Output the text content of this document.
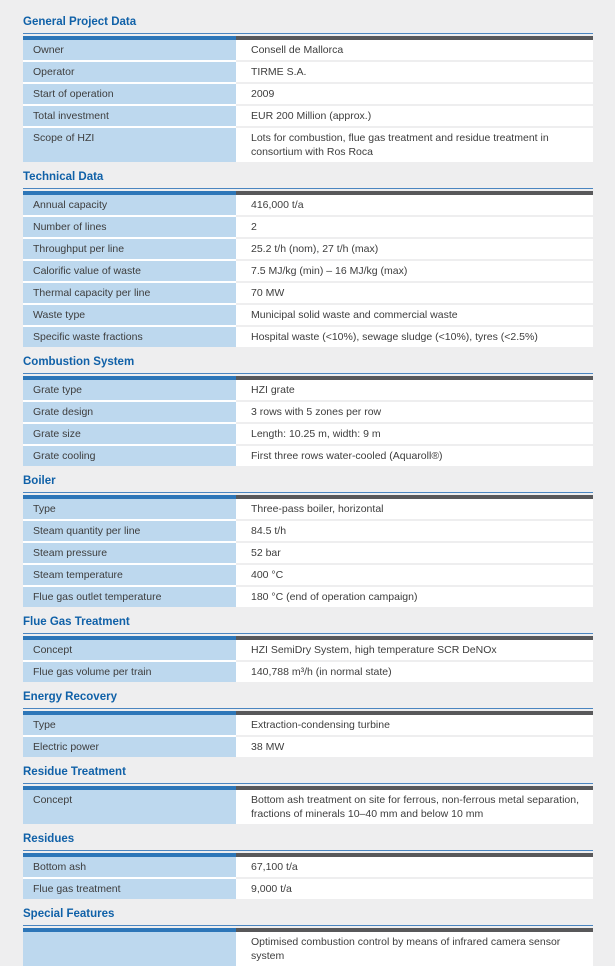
General Project Data
Owner	Consell de Mallorca
Operator	TIRME S.A.
Start of operation	2009
Total investment	EUR 200 Million (approx.)
Scope of HZI	Lots for combustion, flue gas treatment and residue treatment in consortium with Ros Roca
Technical Data
Annual capacity	416,000 t/a
Number of lines	2
Throughput per line	25.2 t/h (nom), 27 t/h (max)
Calorific value of waste	7.5 MJ/kg (min) – 16 MJ/kg (max)
Thermal capacity per line	70 MW
Waste type	Municipal solid waste and commercial waste
Specific waste fractions	Hospital waste (<10%), sewage sludge (<10%), tyres (<2.5%)
Combustion System
Grate type	HZI grate
Grate design	3 rows with 5 zones per row
Grate size	Length: 10.25 m, width: 9 m
Grate cooling	First three rows water-cooled (Aquaroll®)
Boiler
Type	Three-pass boiler, horizontal
Steam quantity per line	84.5 t/h
Steam pressure	52 bar
Steam temperature	400 °C
Flue gas outlet temperature	180 °C (end of operation campaign)
Flue Gas Treatment
Concept	HZI SemiDry System, high temperature SCR DeNOx
Flue gas volume per train	140,788 m³/h (in normal state)
Energy Recovery
Type	Extraction-condensing turbine
Electric power	38 MW
Residue Treatment
Concept	Bottom ash treatment on site for ferrous, non-ferrous metal separation, fractions of minerals 10–40 mm and below 10 mm
Residues
Bottom ash	67,100 t/a
Flue gas treatment	9,000 t/a
Special Features
Optimised combustion control by means of infrared camera sensor system
